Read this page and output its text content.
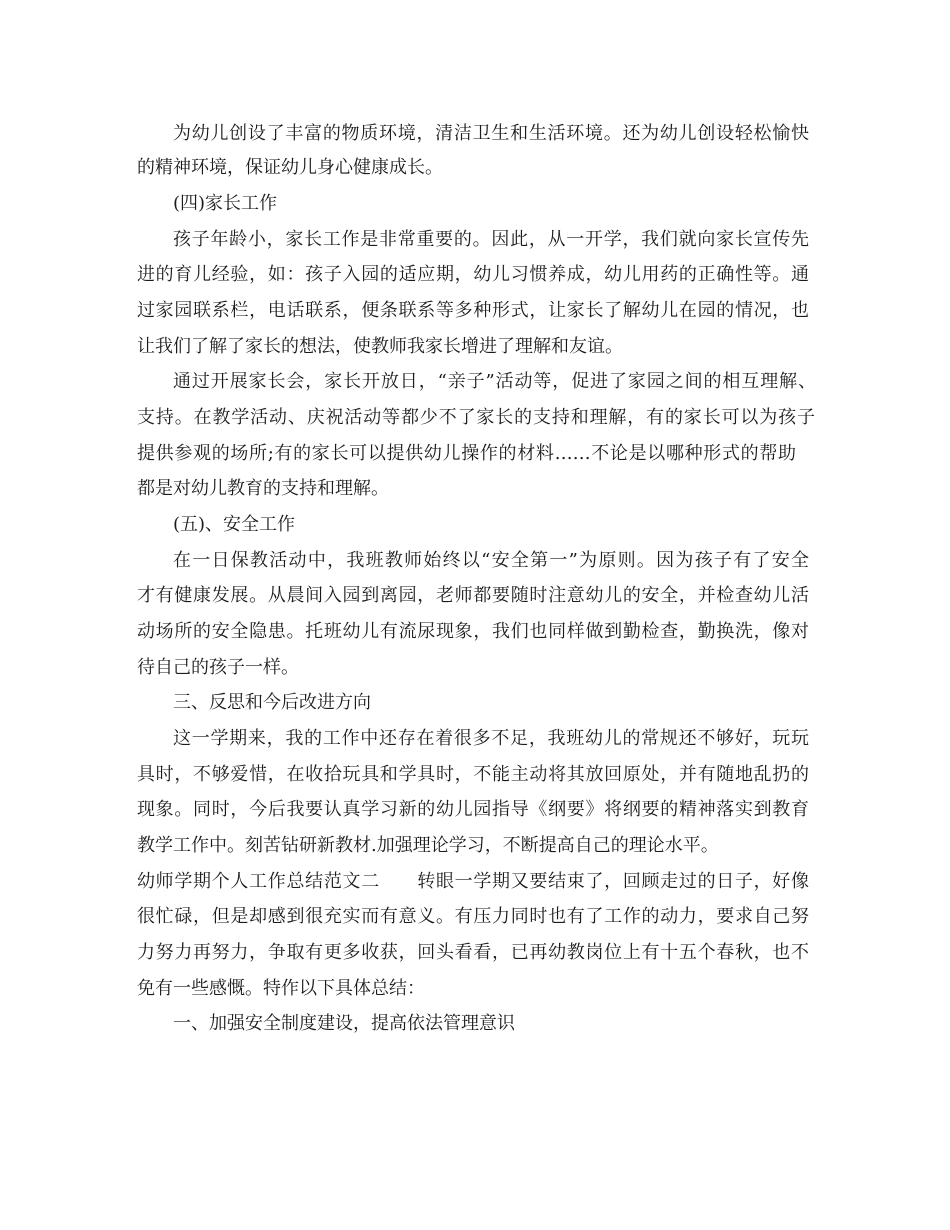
为幼儿创设了丰富的物质环境，清洁卫生和生活环境。还为幼儿创设轻松愉快
的精神环境，保证幼儿身心健康成长。
(四)家长工作
孩子年龄小，家长工作是非常重要的。因此，从一开学，我们就向家长宣传先
进的育儿经验，如：孩子入园的适应期，幼儿习惯养成，幼儿用药的正确性等。通
过家园联系栏，电话联系，便条联系等多种形式，让家长了解幼儿在园的情况，也
让我们了解了家长的想法，使教师我家长增进了理解和友谊。
通过开展家长会，家长开放日，“亲子”活动等，促进了家园之间的相互理解、
支持。在教学活动、庆祝活动等都少不了家长的支持和理解，有的家长可以为孩子
提供参观的场所;有的家长可以提供幼儿操作的材料……不论是以哪种形式的帮助
都是对幼儿教育的支持和理解。
(五)、安全工作
在一日保教活动中，我班教师始终以“安全第一”为原则。因为孩子有了安全
才有健康发展。从晨间入园到离园，老师都要随时注意幼儿的安全，并检查幼儿活
动场所的安全隐患。托班幼儿有流尿现象，我们也同样做到勤检查，勤换洗，像对
待自己的孩子一样。
三、反思和今后改进方向
这一学期来，我的工作中还存在着很多不足，我班幼儿的常规还不够好，玩玩
具时，不够爱惜，在收拾玩具和学具时，不能主动将其放回原处，并有随地乱扔的
现象。同时，今后我要认真学习新的幼儿园指导《纲要》将纲要的精神落实到教育
教学工作中。刻苦钻研新教材.加强理论学习，不断提高自己的理论水平。
幼师学期个人工作总结范文二　　转眼一学期又要结束了，回顾走过的日子，好像
很忙碌，但是却感到很充实而有意义。有压力同时也有了工作的动力，要求自己努
力努力再努力，争取有更多收获，回头看看，已再幼教岗位上有十五个春秋，也不
免有一些感慨。特作以下具体总结：
一、加强安全制度建设，提高依法管理意识
